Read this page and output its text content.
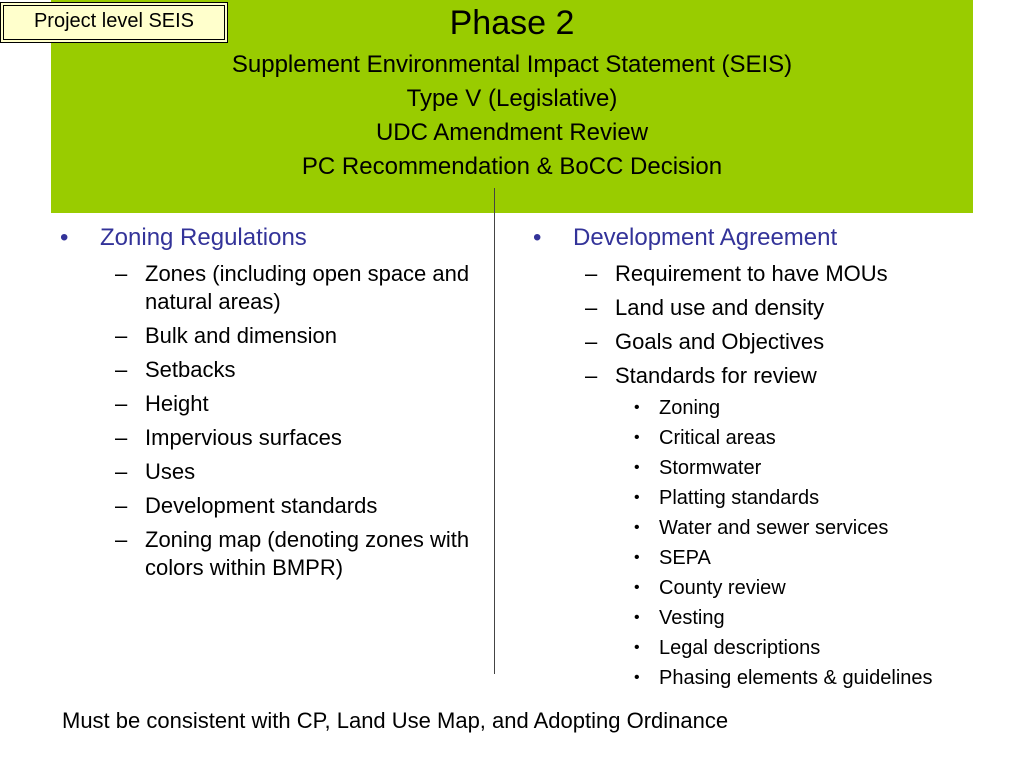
Project level SEIS	Phase 2
Supplement Environmental Impact Statement (SEIS)
Type V (Legislative)
UDC Amendment Review
PC Recommendation & BoCC Decision
• Zoning Regulations
– Zones (including open space and natural areas)
– Bulk and dimension
– Setbacks
– Height
– Impervious surfaces
– Uses
– Development standards
– Zoning map (denoting zones with colors within BMPR)
• Development Agreement
– Requirement to have MOUs
– Land use and density
– Goals and Objectives
– Standards for review
• Zoning
• Critical areas
• Stormwater
• Platting standards
• Water and sewer services
• SEPA
• County review
• Vesting
• Legal descriptions
• Phasing elements & guidelines
Must be consistent with CP, Land Use Map, and Adopting Ordinance
